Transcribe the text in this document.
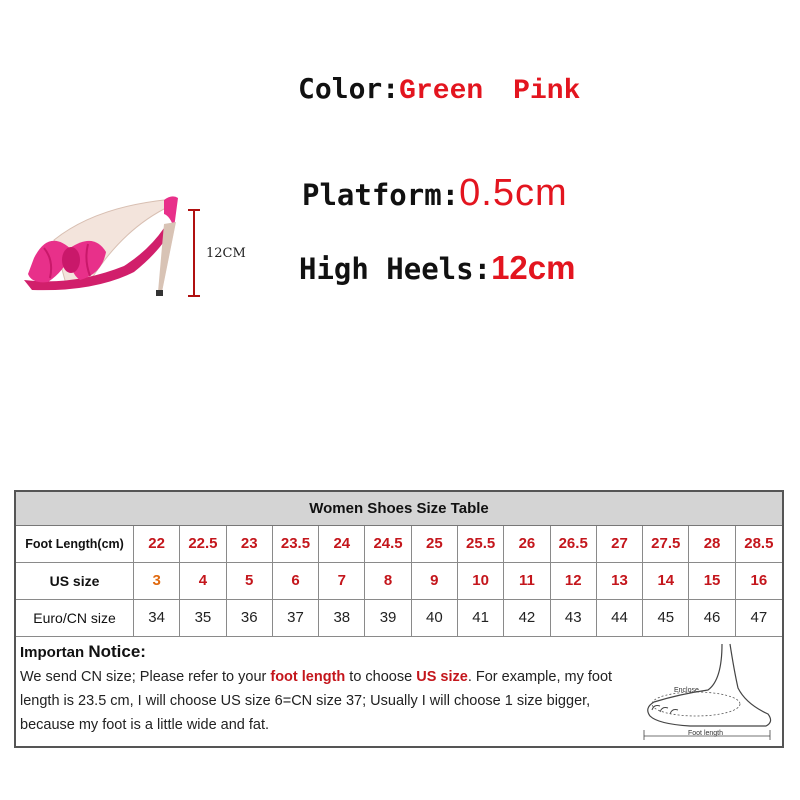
Color:Green Pink
Platform:0.5cm
High Heels:12cm
12CM
Women Shoes Size Table
Foot Length(cm)	22	22.5	23	23.5	24	24.5	25	25.5	26	26.5	27	27.5	28	28.5
US size	3	4	5	6	7	8	9	10	11	12	13	14	15	16
Euro/CN size	34	35	36	37	38	39	40	41	42	43	44	45	46	47
Importan Notice:
We send CN size; Please refer to your foot length to choose US size. For example, my foot length is 23.5 cm, I will choose US size 6=CN size 37; Usually I will choose 1 size bigger, because my foot is a little wide and fat.
Enclose
Foot length
